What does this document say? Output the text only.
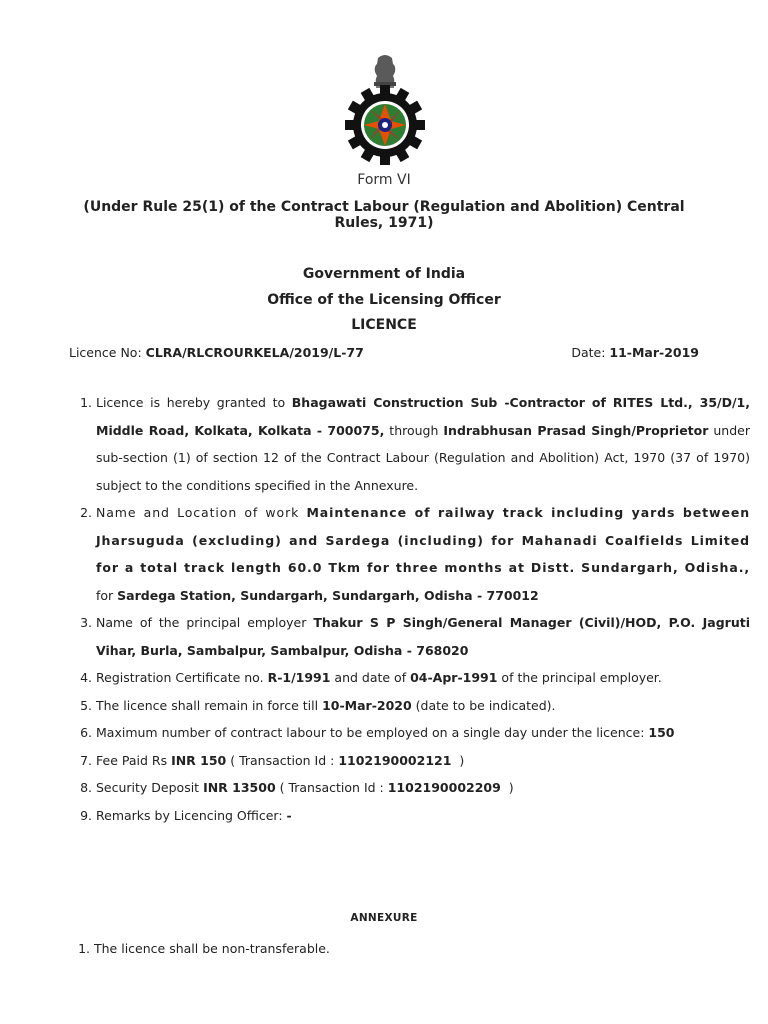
Form VI
(Under Rule 25(1) of the Contract Labour (Regulation and Abolition) Central Rules, 1971)
Government of India
Office of the Licensing Officer
LICENCE
Licence No: CLRA/RLCROURKELA/2019/L-77	Date: 11-Mar-2019
1. Licence is hereby granted to Bhagawati Construction Sub -Contractor of RITES Ltd., 35/D/1, Middle Road, Kolkata, Kolkata - 700075, through Indrabhusan Prasad Singh/Proprietor under sub-section (1) of section 12 of the Contract Labour (Regulation and Abolition) Act, 1970 (37 of 1970) subject to the conditions specified in the Annexure.
2. Name and Location of work Maintenance of railway track including yards between Jharsuguda (excluding) and Sardega (including) for Mahanadi Coalfields Limited for a total track length 60.0 Tkm for three months at Distt. Sundargarh, Odisha., for Sardega Station, Sundargarh, Sundargarh, Odisha - 770012
3. Name of the principal employer Thakur S P Singh/General Manager (Civil)/HOD, P.O. Jagruti Vihar, Burla, Sambalpur, Sambalpur, Odisha - 768020
4. Registration Certificate no. R-1/1991 and date of 04-Apr-1991 of the principal employer.
5. The licence shall remain in force till 10-Mar-2020 (date to be indicated).
6. Maximum number of contract labour to be employed on a single day under the licence: 150
7. Fee Paid Rs INR 150 ( Transaction Id : 1102190002121  )
8. Security Deposit INR 13500 ( Transaction Id : 1102190002209  )
9. Remarks by Licencing Officer: -
ANNEXURE
1. The licence shall be non-transferable.
